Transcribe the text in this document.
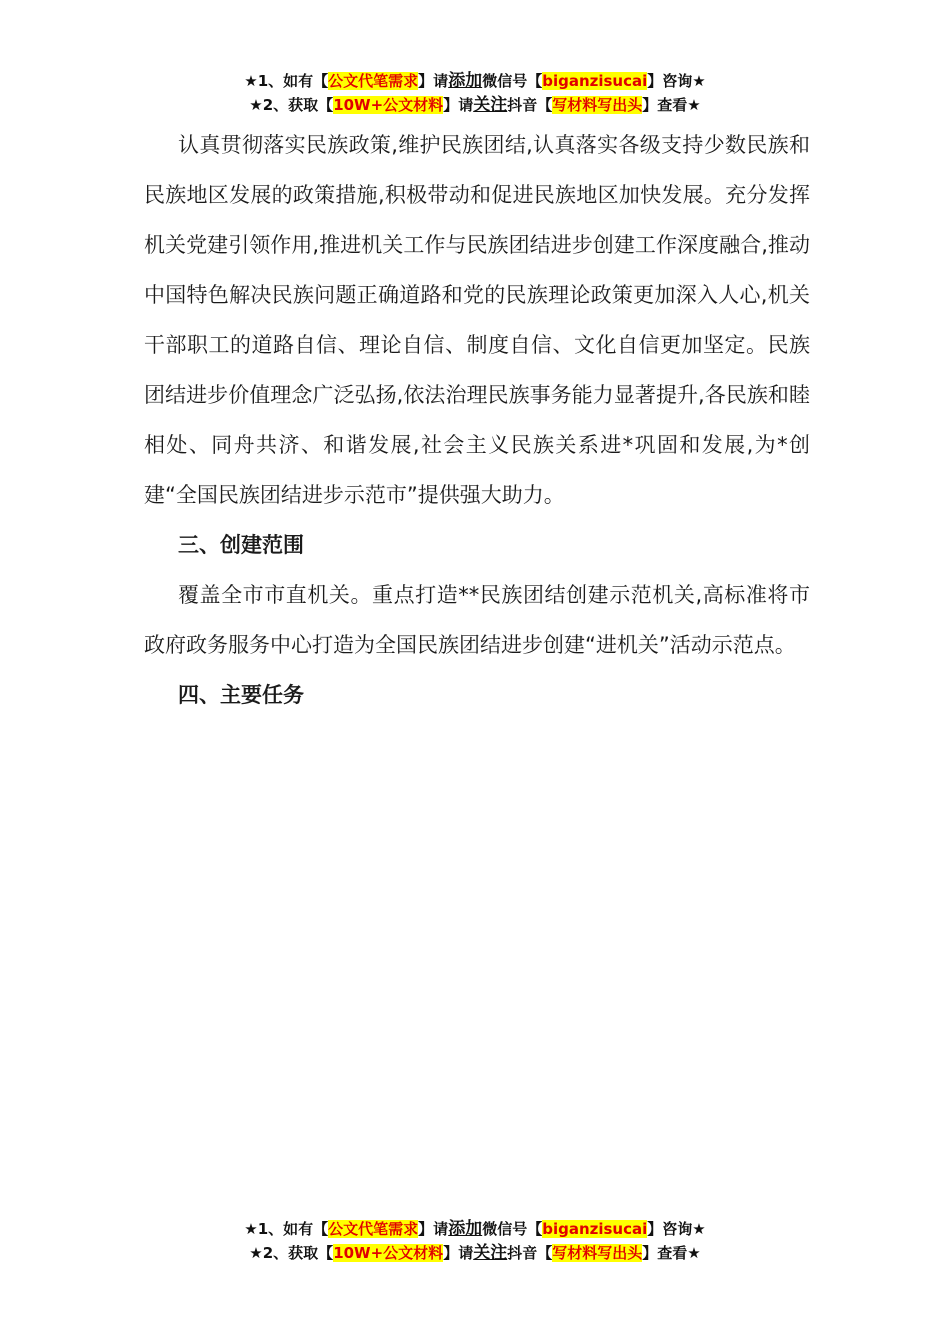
★1、如有【公文代笔需求】请添加微信号【biganzisucai】咨询★
★2、获取【10W+公文材料】请关注抖音【写材料写出头】查看★

认真贯彻落实民族政策,维护民族团结,认真落实各级支持少数民族和民族地区发展的政策措施,积极带动和促进民族地区加快发展。充分发挥机关党建引领作用,推进机关工作与民族团结进步创建工作深度融合,推动中国特色解决民族问题正确道路和党的民族理论政策更加深入人心,机关干部职工的道路自信、理论自信、制度自信、文化自信更加坚定。民族团结进步价值理念广泛弘扬,依法治理民族事务能力显著提升,各民族和睦相处、同舟共济、和谐发展,社会主义民族关系进*巩固和发展,为*创建“全国民族团结进步示范市”提供强大助力。

三、创建范围

覆盖全市市直机关。重点打造**民族团结创建示范机关,高标准将市政府政务服务中心打造为全国民族团结进步创建“进机关”活动示范点。

四、主要任务

★1、如有【公文代笔需求】请添加微信号【biganzisucai】咨询★
★2、获取【10W+公文材料】请关注抖音【写材料写出头】查看★
